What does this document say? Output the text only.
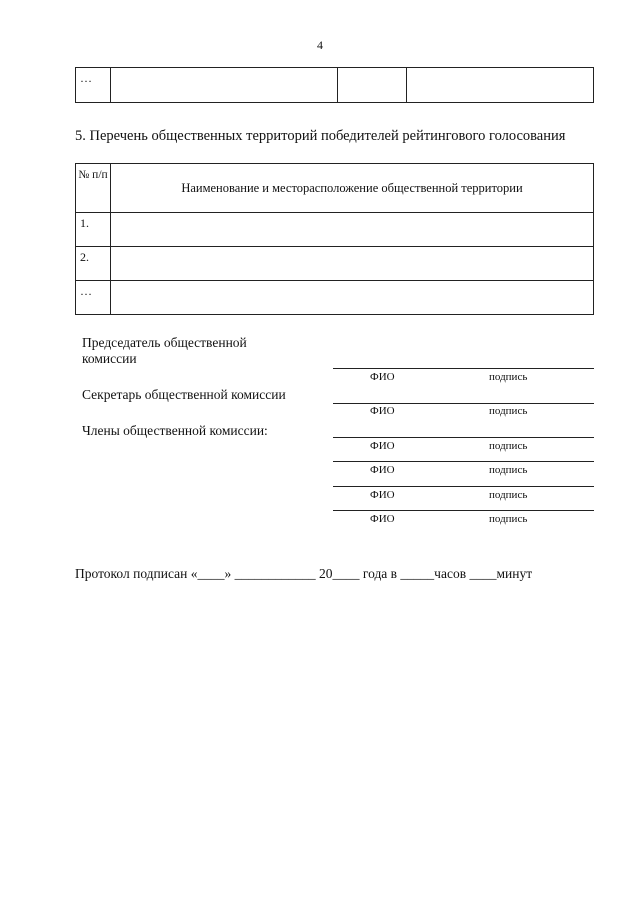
4
…			
5. Перечень общественных территорий победителей рейтингового голосования
№ п/п	Наименование и месторасположение общественной территории
1.	
2.	
…	
Председатель общественной комиссии
Секретарь общественной комиссии
Члены общественной комиссии:
ФИО	подпись
ФИО	подпись
ФИО	подпись
ФИО	подпись
ФИО	подпись
ФИО	подпись
Протокол подписан «____» ____________ 20____ года в _____часов ____минут
